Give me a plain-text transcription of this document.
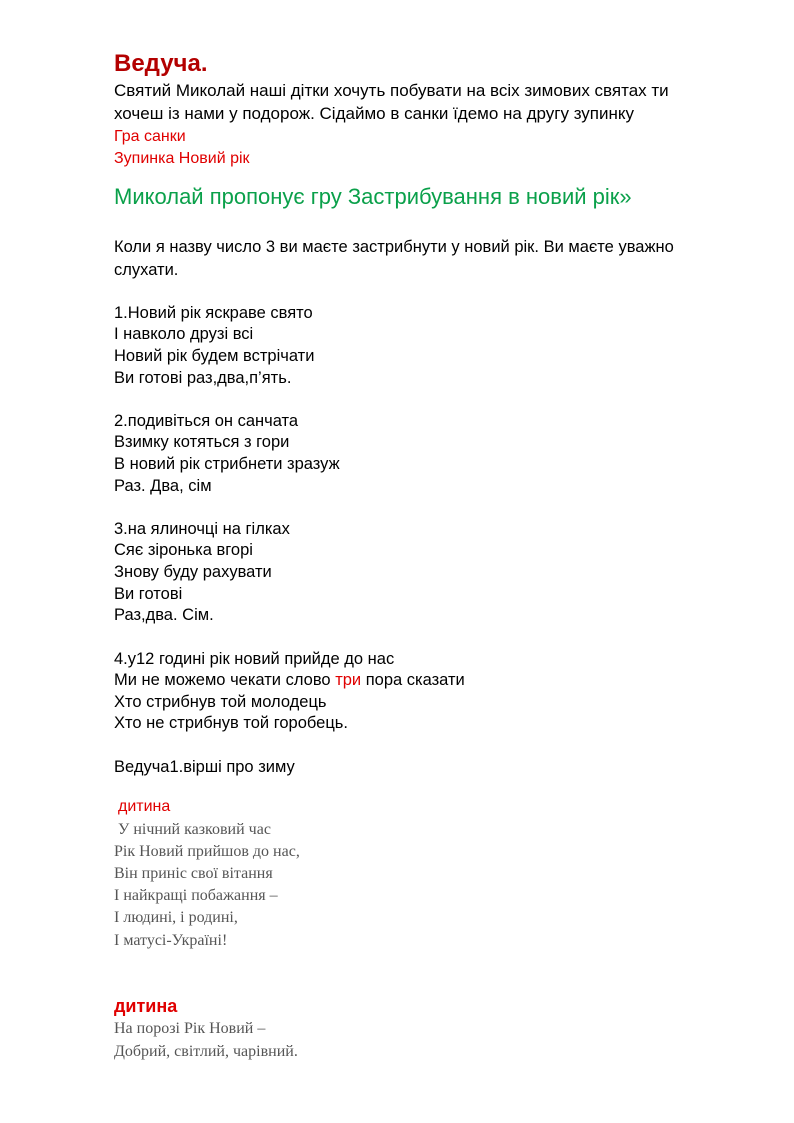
Ведуча.
Святий Миколай наші дітки хочуть побувати на всіх зимових святах ти
хочеш із нами у подорож. Сідаймо в санки їдемо на другу зупинку
Гра санки
Зупинка Новий рік
Миколай пропонує гру Застрибування в новий рік»
Коли я назву число 3 ви маєте застрибнути у новий рік. Ви маєте уважно
слухати.
1.Новий рік яскраве свято
І навколо друзі всі
Новий рік будем встрічати
Ви готові раз,два,п’ять.
2.подивіться он санчата
Взимку котяться з гори
В новий рік стрибнети зразуж
Раз. Два, сім
3.на ялиночці на гілках
Сяє зіронька вгорі
Знову буду рахувати
Ви готові
Раз,два. Сім.
4.у12 годині рік новий прийде до нас
Ми не можемо чекати слово три пора сказати
Хто стрибнув той молодець
Хто не стрибнув той горобець.
Ведуча1.вірші про зиму
дитина
У нічний казковий час
Рік Новий прийшов до нас,
Він приніс свої вітання
І найкращі побажання –
І людині, і родині,
І матусі-Україні!
дитина
На порозі Рік Новий –
Добрий, світлий, чарівний.
